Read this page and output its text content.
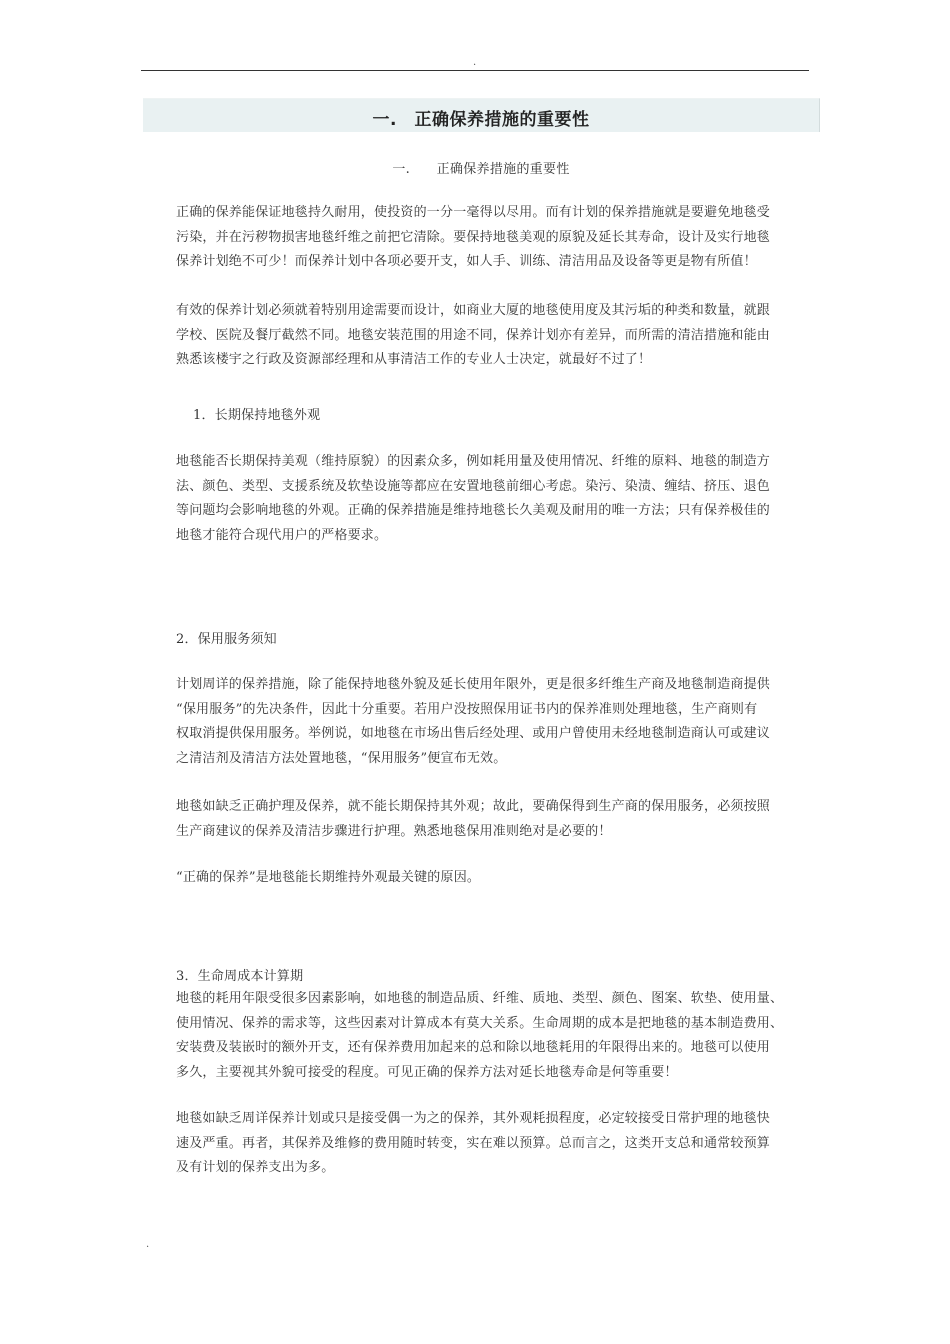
.
一.　正确保养措施的重要性
一.　　正确保养措施的重要性

正确的保养能保证地毯持久耐用，使投资的一分一毫得以尽用。而有计划的保养措施就是要避免地毯受
污染，并在污秽物损害地毯纤维之前把它清除。要保持地毯美观的原貌及延长其寿命，设计及实行地毯
保养计划绝不可少！而保养计划中各项必要开支，如人手、训练、清洁用品及设备等更是物有所值！

有效的保养计划必须就着特别用途需要而设计，如商业大厦的地毯使用度及其污垢的种类和数量，就跟
学校、医院及餐厅截然不同。地毯安装范围的用途不同，保养计划亦有差异，而所需的清洁措施和能由
熟悉该楼宇之行政及资源部经理和从事清洁工作的专业人士决定，就最好不过了！

1．长期保持地毯外观

地毯能否长期保持美观（维持原貌）的因素众多，例如耗用量及使用情况、纤维的原料、地毯的制造方
法、颜色、类型、支援系统及软垫设施等都应在安置地毯前细心考虑。染污、染渍、缠结、挤压、退色
等问题均会影响地毯的外观。正确的保养措施是维持地毯长久美观及耐用的唯一方法；只有保养极佳的
地毯才能符合现代用户的严格要求。

2．保用服务须知

计划周详的保养措施，除了能保持地毯外貌及延长使用年限外，更是很多纤维生产商及地毯制造商提供
“保用服务”的先决条件，因此十分重要。若用户没按照保用证书内的保养准则处理地毯，生产商则有
权取消提供保用服务。举例说，如地毯在市场出售后经处理、或用户曾使用未经地毯制造商认可或建议
之清洁剂及清洁方法处置地毯，“保用服务”便宣布无效。

地毯如缺乏正确护理及保养，就不能长期保持其外观；故此，要确保得到生产商的保用服务，必须按照
生产商建议的保养及清洁步骤进行护理。熟悉地毯保用准则绝对是必要的！

“正确的保养”是地毯能长期维持外观最关键的原因。

3．生命周成本计算期

地毯的耗用年限受很多因素影响，如地毯的制造品质、纤维、质地、类型、颜色、图案、软垫、使用量、
使用情况、保养的需求等，这些因素对计算成本有莫大关系。生命周期的成本是把地毯的基本制造费用、
安装费及装嵌时的额外开支，还有保养费用加起来的总和除以地毯耗用的年限得出来的。地毯可以使用
多久，主要视其外貌可接受的程度。可见正确的保养方法对延长地毯寿命是何等重要！

地毯如缺乏周详保养计划或只是接受偶一为之的保养，其外观耗损程度，必定较接受日常护理的地毯快
速及严重。再者，其保养及维修的费用随时转变，实在难以预算。总而言之，这类开支总和通常较预算
及有计划的保养支出为多。

.
